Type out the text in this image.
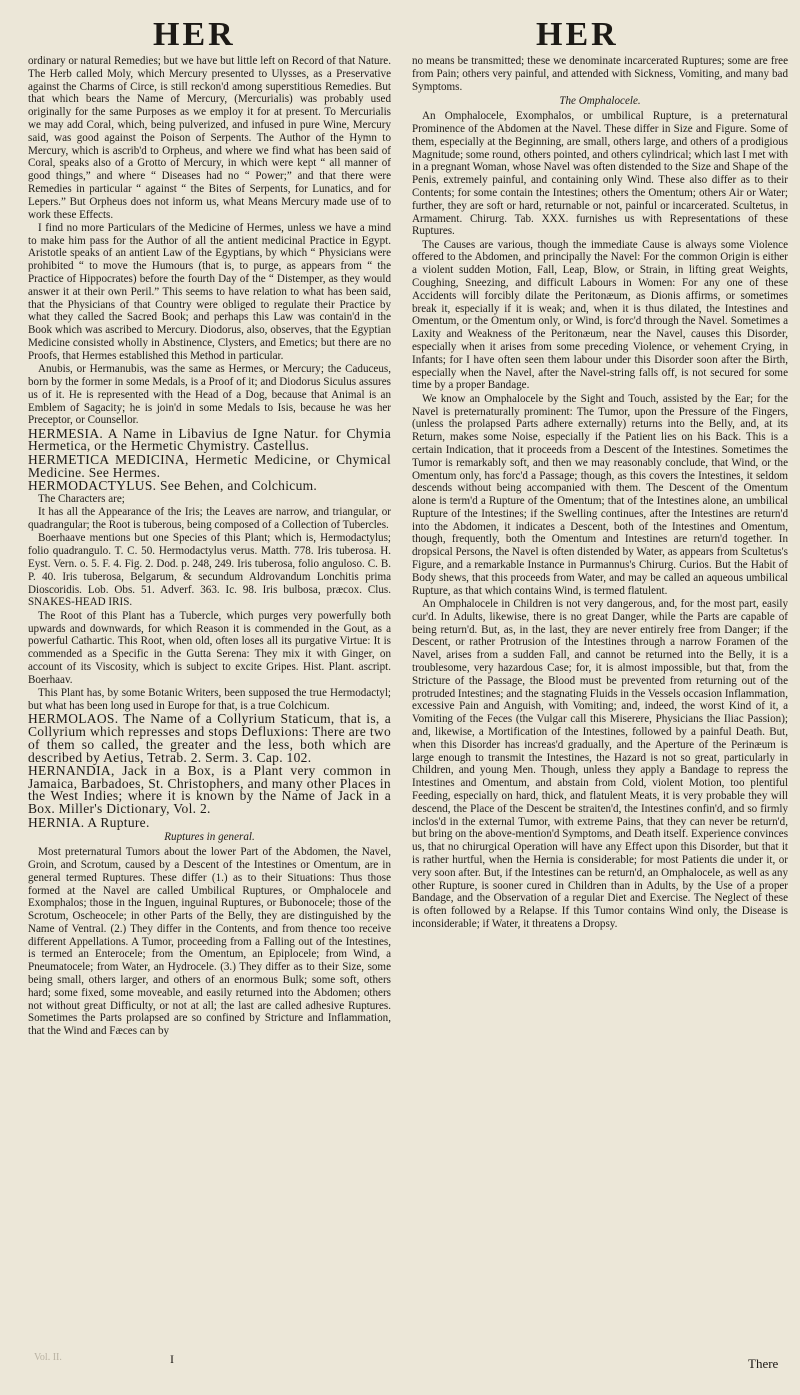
HER	HER

ordinary or natural Remedies; but we have but little left on Record of that Nature. The Herb called Moly, which Mercury presented to Ulysses, as a Preservative against the Charms of Circe, is still reckon'd among superstitious Remedies. But that which bears the Name of Mercury, (Mercurialis) was probably used originally for the same Purposes as we employ it for at present. To Mercurialis we may add Coral, which, being pulverized, and infused in pure Wine, Mercury said, was good against the Poison of Serpents. The Author of the Hymn to Mercury, which is ascrib'd to Orpheus, and where we find what has been said of Coral, speaks also of a Grotto of Mercury, in which were kept “ all manner of good things,” and where “ Diseases had no “ Power;” and that there were Remedies in particular “ against “ the Bites of Serpents, for Lunatics, and for Lepers.” But Orpheus does not inform us, what Means Mercury made use of to work these Effects.

I find no more Particulars of the Medicine of Hermes, unless we have a mind to make him pass for the Author of all the antient medicinal Practice in Egypt. Aristotle speaks of an antient Law of the Egyptians, by which “ Physicians were prohibited “ to move the Humours (that is, to purge, as appears from “ the Practice of Hippocrates) before the fourth Day of the “ Distemper, as they would answer it at their own Peril.” This seems to have relation to what has been said, that the Physicians of that Country were obliged to regulate their Practice by what they called the Sacred Book; and perhaps this Law was contain'd in the Book which was ascribed to Mercury. Diodorus, also, observes, that the Egyptian Medicine consisted wholly in Abstinence, Clysters, and Emetics; but there are no Proofs, that Hermes established this Method in particular.

Anubis, or Hermanubis, was the same as Hermes, or Mercury; the Caduceus, born by the former in some Medals, is a Proof of it; and Diodorus Siculus assures us of it. He is represented with the Head of a Dog, because that Animal is an Emblem of Sagacity; he is join'd in some Medals to Isis, because he was her Preceptor, or Counsellor.

HERMESIA. A Name in Libavius de Igne Natur. for Chymia Hermetica, or the Hermetic Chymistry. Castellus.

HERMETICA MEDICINA, Hermetic Medicine, or Chymical Medicine. See Hermes.

HERMODACTYLUS. See Behen, and Colchicum.

The Characters are;

It has all the Appearance of the Iris; the Leaves are narrow, and triangular, or quadrangular; the Root is tuberous, being composed of a Collection of Tubercles.

Boerhaave mentions but one Species of this Plant; which is, Hermodactylus; folio quadrangulo. T. C. 50. Hermodactylus verus. Matth. 778. Iris tuberosa. H. Eyst. Vern. o. 5. F. 4. Fig. 2. Dod. p. 248, 249. Iris tuberosa, folio anguloso. C. B. P. 40. Iris tuberosa, Belgarum, & secundum Aldrovandum Lonchitis prima Dioscoridis. Lob. Obs. 51. Adverf. 363. Ic. 98. Iris bulbosa, præcox. Clus. SNAKES-HEAD IRIS.

The Root of this Plant has a Tubercle, which purges very powerfully both upwards and downwards, for which Reason it is commended in the Gout, as a powerful Cathartic. This Root, when old, often loses all its purgative Virtue: It is commended as a Specific in the Gutta Serena: They mix it with Ginger, on account of its Viscosity, which is subject to excite Gripes. Hist. Plant. ascript. Boerhaav.

This Plant has, by some Botanic Writers, been supposed the true Hermodactyl; but what has been long used in Europe for that, is a true Colchicum.

HERMOLAOS. The Name of a Collyrium Staticum, that is, a Collyrium which represses and stops Defluxions: There are two of them so called, the greater and the less, both which are described by Aetius, Tetrab. 2. Serm. 3. Cap. 102.

HERNANDIA, Jack in a Box, is a Plant very common in Jamaica, Barbadoes, St. Christophers, and many other Places in the West Indies; where it is known by the Name of Jack in a Box. Miller's Dictionary, Vol. 2.

HERNIA. A Rupture.

Ruptures in general.

Most preternatural Tumors about the lower Part of the Abdomen, the Navel, Groin, and Scrotum, caused by a Descent of the Intestines or Omentum, are in general termed Ruptures. These differ (1.) as to their Situations: Thus those formed at the Navel are called Umbilical Ruptures, or Omphalocele and Exomphalos; those in the Inguen, inguinal Ruptures, or Bubonocele; those of the Scrotum, Oscheocele; in other Parts of the Belly, they are distinguished by the Name of Ventral. (2.) They differ in the Contents, and from thence too receive different Appellations. A Tumor, proceeding from a Falling out of the Intestines, is termed an Enterocele; from the Omentum, an Epiplocele; from Wind, a Pneumatocele; from Water, an Hydrocele. (3.) They differ as to their Size, some being small, others larger, and others of an enormous Bulk; some soft, others hard; some fixed, some moveable, and easily returned into the Abdomen; others not without great Difficulty, or not at all; the last are called adhesive Ruptures. Sometimes the Parts prolapsed are so confined by Stricture and Inflammation, that the Wind and Fæces can by

no means be transmitted; these we denominate incarcerated Ruptures; some are free from Pain; others very painful, and attended with Sickness, Vomiting, and many bad Symptoms.

The Omphalocele.

An Omphalocele, Exomphalos, or umbilical Rupture, is a preternatural Prominence of the Abdomen at the Navel. These differ in Size and Figure. Some of them, especially at the Beginning, are small, others large, and others of a prodigious Magnitude; some round, others pointed, and others cylindrical; which last I met with in a pregnant Woman, whose Navel was often distended to the Size and Shape of the Penis, extremely painful, and containing only Wind. These also differ as to their Contents; for some contain the Intestines; others the Omentum; others Air or Water; further, they are soft or hard, returnable or not, painful or incarcerated. Scultetus, in Armament. Chirurg. Tab. XXX. furnishes us with Representations of these Ruptures.

The Causes are various, though the immediate Cause is always some Violence offered to the Abdomen, and principally the Navel: For the common Origin is either a violent sudden Motion, Fall, Leap, Blow, or Strain, in lifting great Weights, Coughing, Sneezing, and difficult Labours in Women: For any one of these Accidents will forcibly dilate the Peritonæum, as Dionis affirms, or sometimes break it, especially if it is weak; and, when it is thus dilated, the Intestines and Omentum, or the Omentum only, or Wind, is forc'd through the Navel. Sometimes a Laxity and Weakness of the Peritonæum, near the Navel, causes this Disorder, especially when it arises from some preceding Violence, or vehement Crying, in Infants; for I have often seen them labour under this Disorder soon after the Birth, especially when the Navel, after the Navel-string falls off, is not secured for some time by a proper Bandage.

We know an Omphalocele by the Sight and Touch, assisted by the Ear; for the Navel is preternaturally prominent: The Tumor, upon the Pressure of the Fingers, (unless the prolapsed Parts adhere externally) returns into the Belly, and, at its Return, makes some Noise, especially if the Patient lies on his Back. This is a certain Indication, that it proceeds from a Descent of the Intestines. Sometimes the Tumor is remarkably soft, and then we may reasonably conclude, that Wind, or the Omentum only, has forc'd a Passage; though, as this covers the Intestines, it seldom descends without being accompanied with them. The Descent of the Omentum alone is term'd a Rupture of the Omentum; that of the Intestines alone, an umbilical Rupture of the Intestines; if the Swelling continues, after the Intestines are return'd into the Abdomen, it indicates a Descent, both of the Intestines and Omentum, though, frequently, both the Omentum and Intestines are return'd together. In dropsical Persons, the Navel is often distended by Water, as appears from Scultetus's Figure, and a remarkable Instance in Purmannus's Chirurg. Curios. But the Habit of Body shews, that this proceeds from Water, and may be called an aqueous umbilical Rupture, as that which contains Wind, is termed flatulent.

An Omphalocele in Children is not very dangerous, and, for the most part, easily cur'd. In Adults, likewise, there is no great Danger, while the Parts are capable of being return'd. But, as, in the last, they are never entirely free from Danger; if the Descent, or rather Protrusion of the Intestines through a narrow Foramen of the Navel, arises from a sudden Fall, and cannot be returned into the Belly, it is a troublesome, very hazardous Case; for, it is almost impossible, but that, from the Stricture of the Passage, the Blood must be prevented from returning out of the protruded Intestines; and the stagnating Fluids in the Vessels occasion Inflammation, excessive Pain and Anguish, with Vomiting; and, indeed, the worst Kind of it, a Vomiting of the Feces (the Vulgar call this Miserere, Physicians the Iliac Passion); and, likewise, a Mortification of the Intestines, followed by a painful Death. But, when this Disorder has increas'd gradually, and the Aperture of the Perinæum is large enough to transmit the Intestines, the Hazard is not so great, particularly in Children, and young Men. Though, unless they apply a Bandage to repress the Intestines and Omentum, and abstain from Cold, violent Motion, too plentiful Feeding, especially on hard, thick, and flatulent Meats, it is very probable they will descend, the Place of the Descent be straiten'd, the Intestines confin'd, and so firmly inclos'd in the external Tumor, with extreme Pains, that they can never be return'd, but bring on the above-mention'd Symptoms, and Death itself. Experience convinces us, that no chirurgical Operation will have any Effect upon this Disorder, but that it is rather hurtful, when the Hernia is considerable; for most Patients die under it, or very soon after. But, if the Intestines can be return'd, an Omphalocele, as well as any other Rupture, is sooner cured in Children than in Adults, by the Use of a proper Bandage, and the Observation of a regular Diet and Exercise. The Neglect of these is often followed by a Relapse. If this Tumor contains Wind only, the Disease is inconsiderable; if Water, it threatens a Dropsy.

Vol. II.	I	There
